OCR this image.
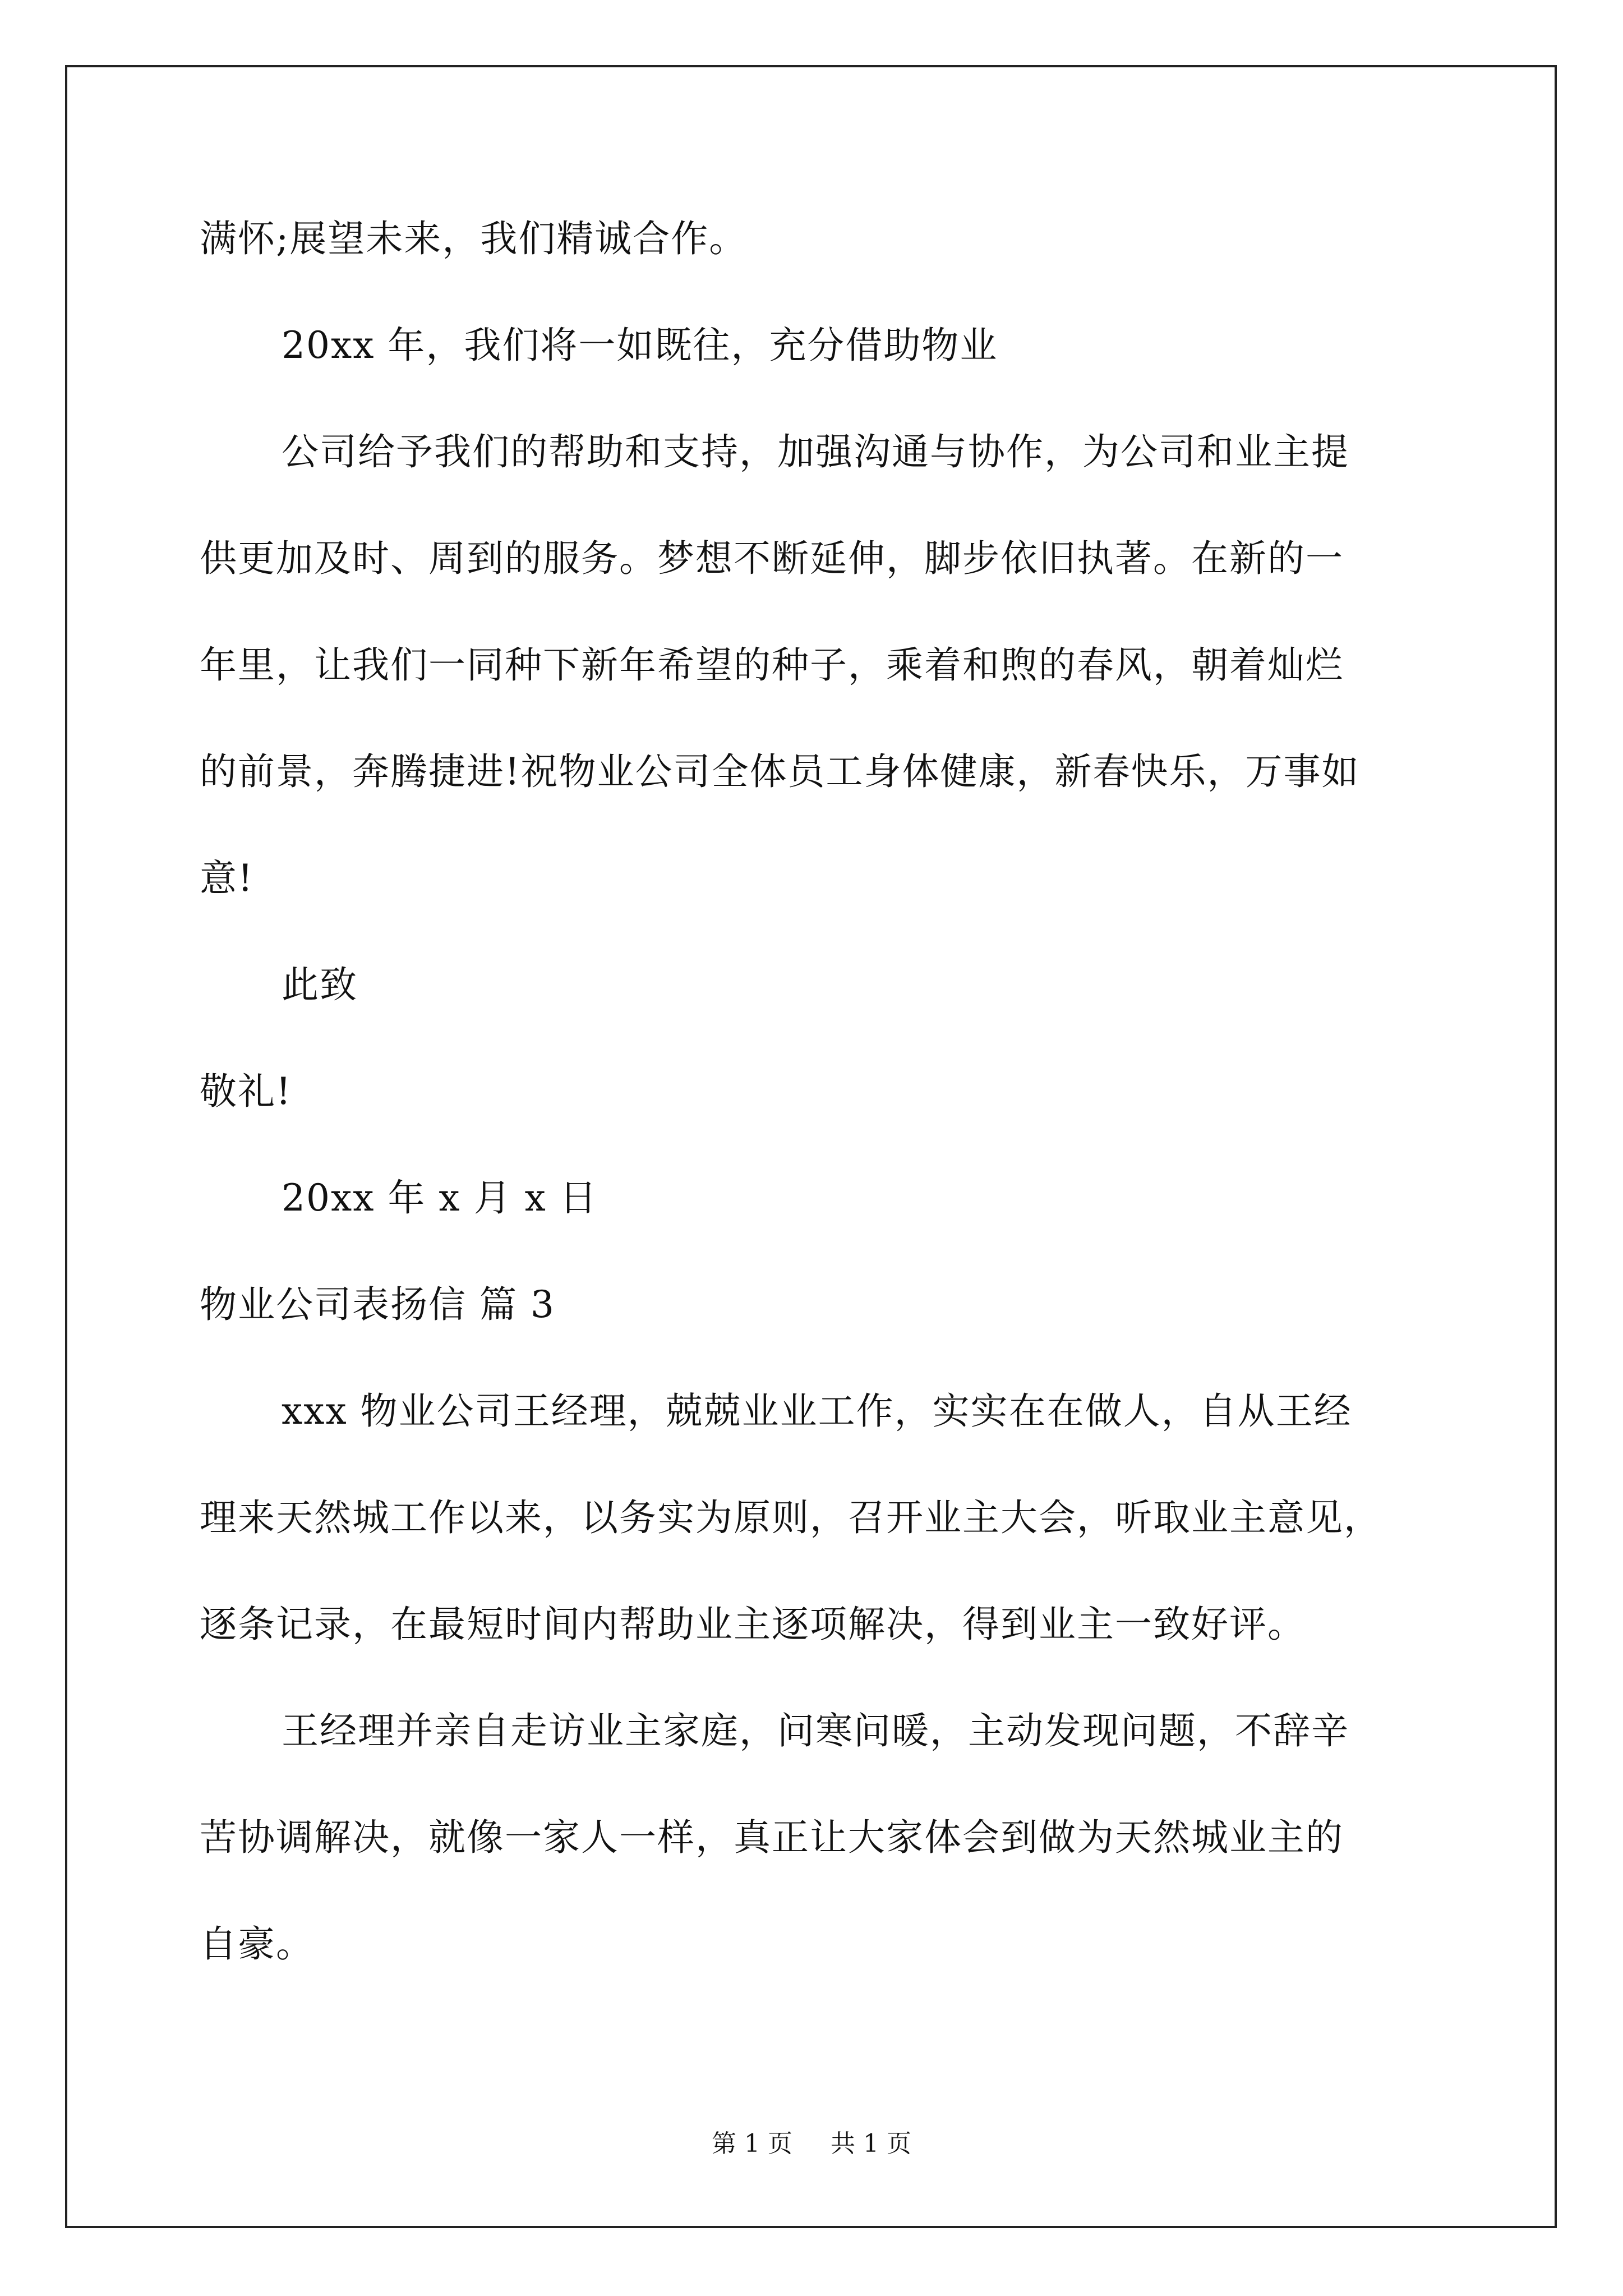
满怀;展望未来，我们精诚合作。
20xx 年，我们将一如既往，充分借助物业
公司给予我们的帮助和支持，加强沟通与协作，为公司和业主提
供更加及时、周到的服务。梦想不断延伸，脚步依旧执著。在新的一
年里，让我们一同种下新年希望的种子，乘着和煦的春风，朝着灿烂
的前景，奔腾捷进!祝物业公司全体员工身体健康，新春快乐，万事如
意!
此致
敬礼!
20xx 年 x 月 x 日
物业公司表扬信 篇 3
xxx 物业公司王经理，兢兢业业工作，实实在在做人，自从王经
理来天然城工作以来，以务实为原则，召开业主大会，听取业主意见，
逐条记录，在最短时间内帮助业主逐项解决，得到业主一致好评。
王经理并亲自走访业主家庭，问寒问暖，主动发现问题，不辞辛
苦协调解决，就像一家人一样，真正让大家体会到做为天然城业主的
自豪。
第 1 页 共 1 页
